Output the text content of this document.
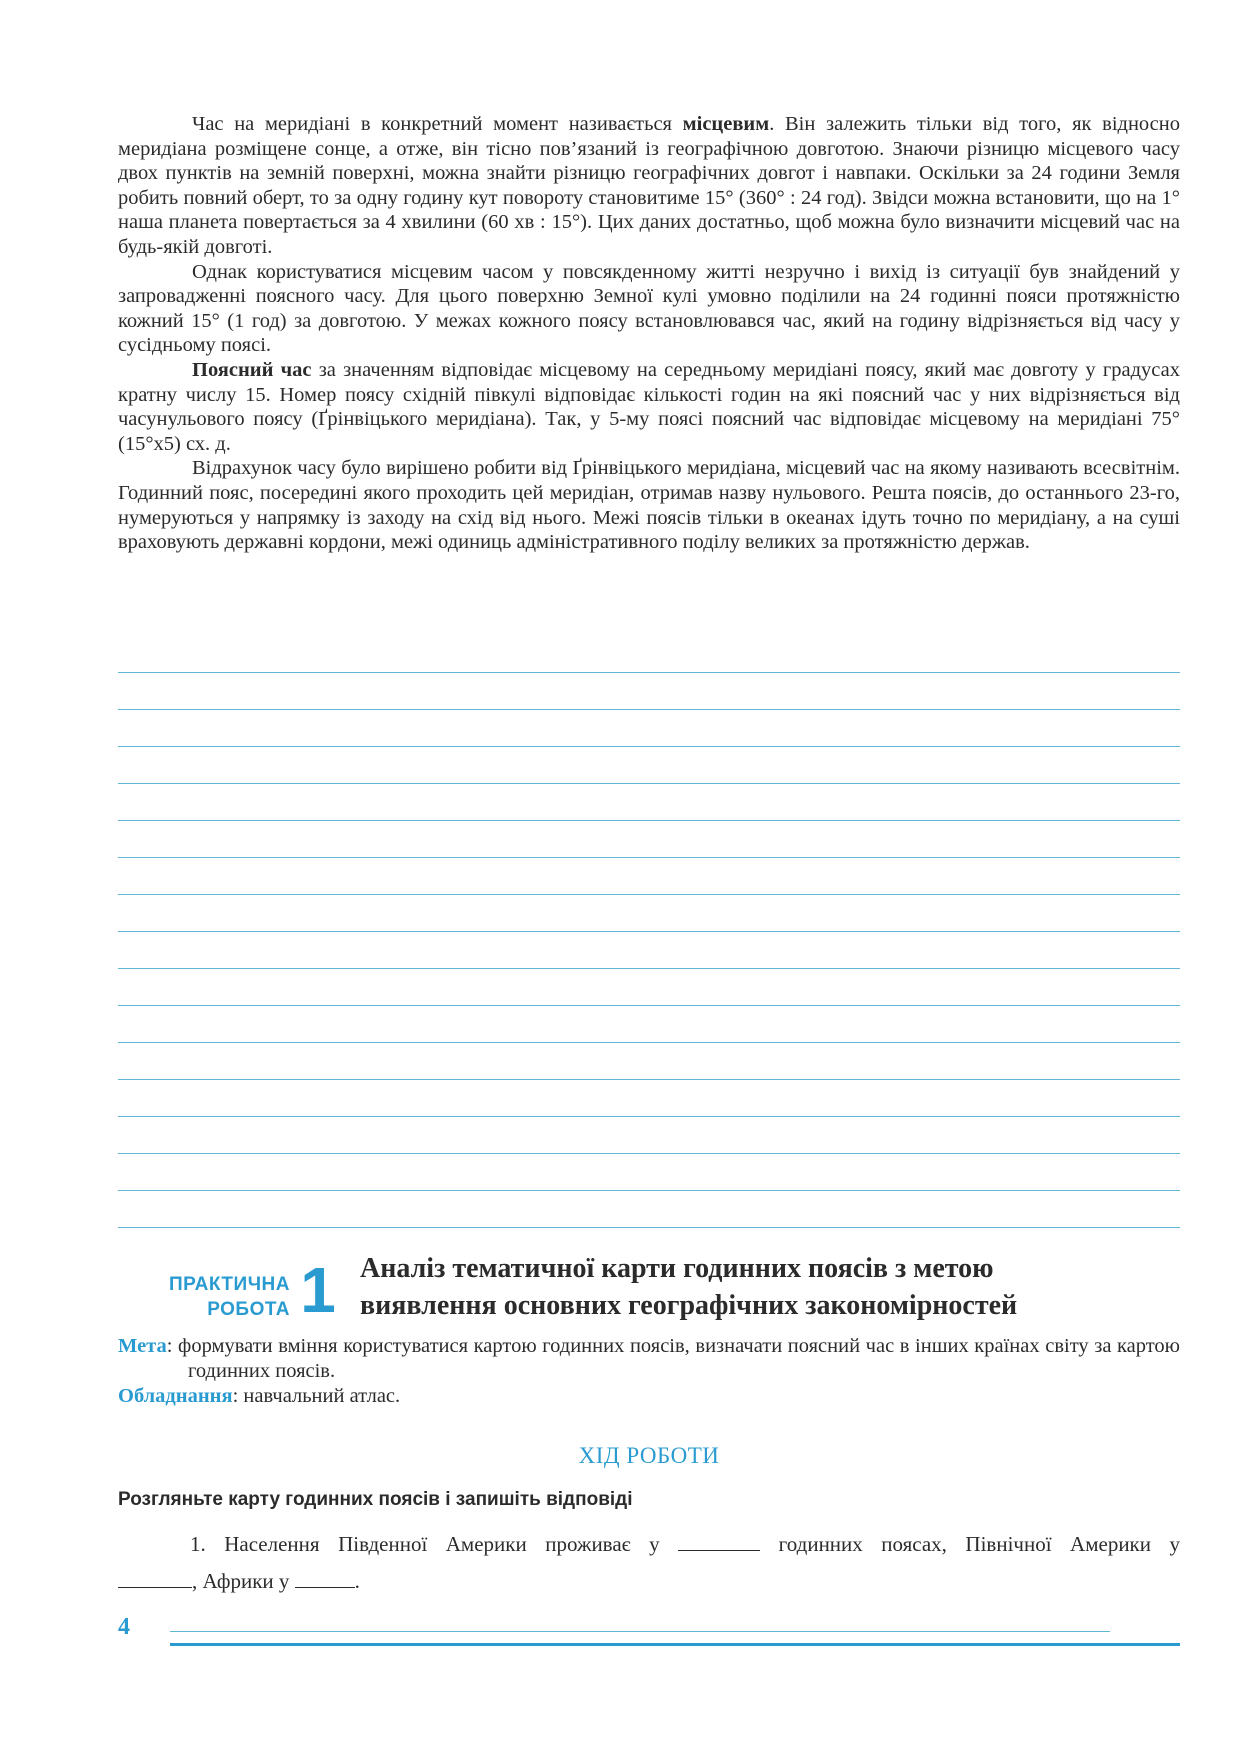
Час на меридіані в конкретний момент називається місцевим. Він залежить тільки від того, як відносно меридіана розміщене сонце, а отже, він тісно пов’язаний із географічною довготою. Знаючи різницю місцевого часу двох пунктів на земній поверхні, можна знайти різницю географічних довгот і навпаки. Оскільки за 24 години Земля робить повний оберт, то за одну годину кут повороту становитиме 15° (360° : 24 год). Звідси можна встановити, що на 1° наша планета повертається за 4 хвилини (60 хв : 15°). Цих даних достатньо, щоб можна було визначити місцевий час на будь-якій довготі.

Однак користуватися місцевим часом у повсякденному житті незручно і вихід із ситуації був знайдений у запровадженні поясного часу. Для цього поверхню Земної кулі умовно поділили на 24 годинні пояси протяжністю кожний 15° (1 год) за довготою. У межах кожного поясу встановлювався час, який на годину відрізняється від часу у сусідньому поясі.

Поясний час за значенням відповідає місцевому на середньому меридіані поясу, який має довготу у градусах кратну числу 15. Номер поясу східній півкулі відповідає кількості годин на які поясний час у них відрізняється від часунульового поясу (Ґрінвіцького меридіана). Так, у 5-му поясі поясний час відповідає місцевому на меридіані 75° (15°x5) сх. д.

Відрахунок часу було вирішено робити від Ґрінвіцького меридіана, місцевий час на якому називають всесвітнім. Годинний пояс, посередині якого проходить цей меридіан, отримав назву нульового. Решта поясів, до останнього 23-го, нумеруються у напрямку із заходу на схід від нього. Межі поясів тільки в океанах ідуть точно по меридіану, а на суші враховують державні кордони, межі одиниць адміністративного поділу великих за протяжністю держав.

ПРАКТИЧНА
РОБОТА 1 Аналіз тематичної карти годинних поясів з метою виявлення основних географічних закономірностей

Мета: формувати вміння користуватися картою годинних поясів, визначати поясний час в інших країнах світу за картою годинних поясів.

Обладнання: навчальний атлас.

ХІД РОБОТИ
Розгляньте карту годинних поясів і запишіть відповіді

1. Населення Південної Америки проживає у	годинних поясах, Північної Америки у

, Африки у	.

4
